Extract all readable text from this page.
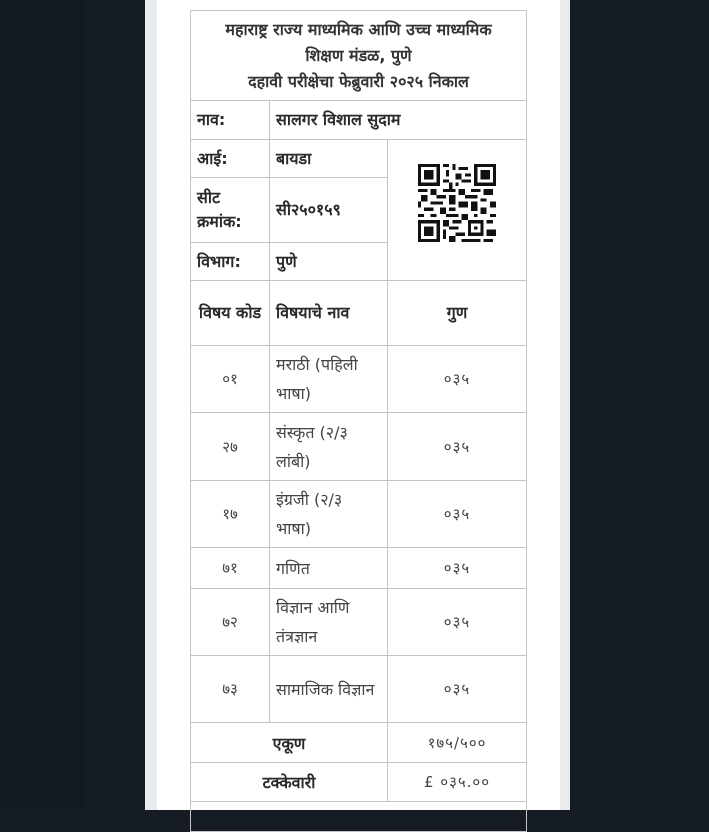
महाराष्ट्र राज्य माध्यमिक आणि उच्च माध्यमिक
शिक्षण मंडळ, पुणे
दहावी परीक्षेचा फेब्रुवारी २०२५ निकाल		

नाव:	सालगर विशाल सुदाम	
आई:	बायडा	
सीट क्रमांक:	सी२५०१५९	
विभाग:	पुणे	
विषय कोड	विषयाचे नाव	गुण
०१	मराठी (पहिली भाषा)	०३५
२७	संस्कृत (२/३ लांबी)	०३५
१७	इंग्रजी (२/३ भाषा)	०३५
७१	गणित	०३५
७२	विज्ञान आणि तंत्रज्ञान	०३५
७३	सामाजिक विज्ञान	०३५
एकूण		१७५/५००
टक्केवारी		£ ०३५.००
